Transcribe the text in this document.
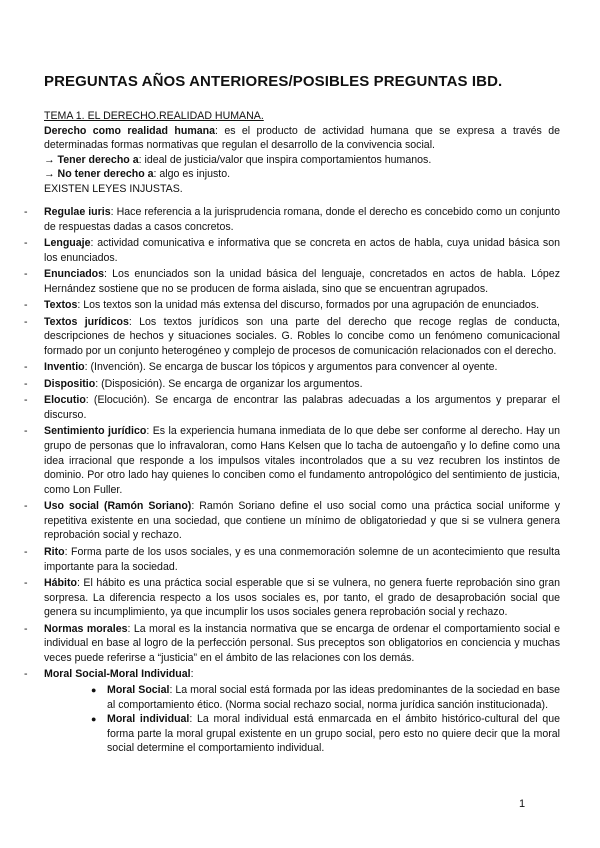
PREGUNTAS AÑOS ANTERIORES/POSIBLES PREGUNTAS IBD.

TEMA 1. EL DERECHO.REALIDAD HUMANA.

Derecho como realidad humana: es el producto de actividad humana que se expresa a través de determinadas formas normativas que regulan el desarrollo de la convivencia social.

→ Tener derecho a: ideal de justicia/valor que inspira comportamientos humanos.

→ No tener derecho a: algo es injusto.

EXISTEN LEYES INJUSTAS.

- Regulae iuris: Hace referencia a la jurisprudencia romana, donde el derecho es concebido como un conjunto de respuestas dadas a casos concretos.
- Lenguaje: actividad comunicativa e informativa que se concreta en actos de habla, cuya unidad básica son los enunciados.
- Enunciados: Los enunciados son la unidad básica del lenguaje, concretados en actos de habla. López Hernández sostiene que no se producen de forma aislada, sino que se encuentran agrupados.
- Textos: Los textos son la unidad más extensa del discurso, formados por una agrupación de enunciados.
- Textos jurídicos: Los textos jurídicos son una parte del derecho que recoge reglas de conducta, descripciones de hechos y situaciones sociales. G. Robles lo concibe como un fenómeno comunicacional formado por un conjunto heterogéneo y complejo de procesos de comunicación relacionados con el derecho.
- Inventio: (Invención). Se encarga de buscar los tópicos y argumentos para convencer al oyente.
- Dispositio: (Disposición). Se encarga de organizar los argumentos.
- Elocutio: (Elocución). Se encarga de encontrar las palabras adecuadas a los argumentos y preparar el discurso.
- Sentimiento jurídico: Es la experiencia humana inmediata de lo que debe ser conforme al derecho. Hay un grupo de personas que lo infravaloran, como Hans Kelsen que lo tacha de autoengaño y lo define como una idea irracional que responde a los impulsos vitales incontrolados que a su vez recubren los instintos de dominio. Por otro lado hay quienes lo conciben como el fundamento antropológico del sentimiento de justicia, como Lon Fuller.
- Uso social (Ramón Soriano): Ramón Soriano define el uso social como una práctica social uniforme y repetitiva existente en una sociedad, que contiene un mínimo de obligatoriedad y que si se vulnera genera reprobación social y rechazo.
- Rito: Forma parte de los usos sociales, y es una conmemoración solemne de un acontecimiento que resulta importante para la sociedad.
- Hábito: El hábito es una práctica social esperable que si se vulnera, no genera fuerte reprobación sino gran sorpresa. La diferencia respecto a los usos sociales es, por tanto, el grado de desaprobación social que genera su incumplimiento, ya que incumplir los usos sociales genera reprobación social y rechazo.
- Normas morales: La moral es la instancia normativa que se encarga de ordenar el comportamiento social e individual en base al logro de la perfección personal. Sus preceptos son obligatorios en conciencia y muchas veces puede referirse a “justicia” en el ámbito de las relaciones con los demás.
- Moral Social-Moral Individual:
● Moral Social: La moral social está formada por las ideas predominantes de la sociedad en base al comportamiento ético. (Norma social rechazo social, norma jurídica sanción institucionada).
● Moral individual: La moral individual está enmarcada en el ámbito histórico-cultural del que forma parte la moral grupal existente en un grupo social, pero esto no quiere decir que la moral social determine el comportamiento individual.
1
